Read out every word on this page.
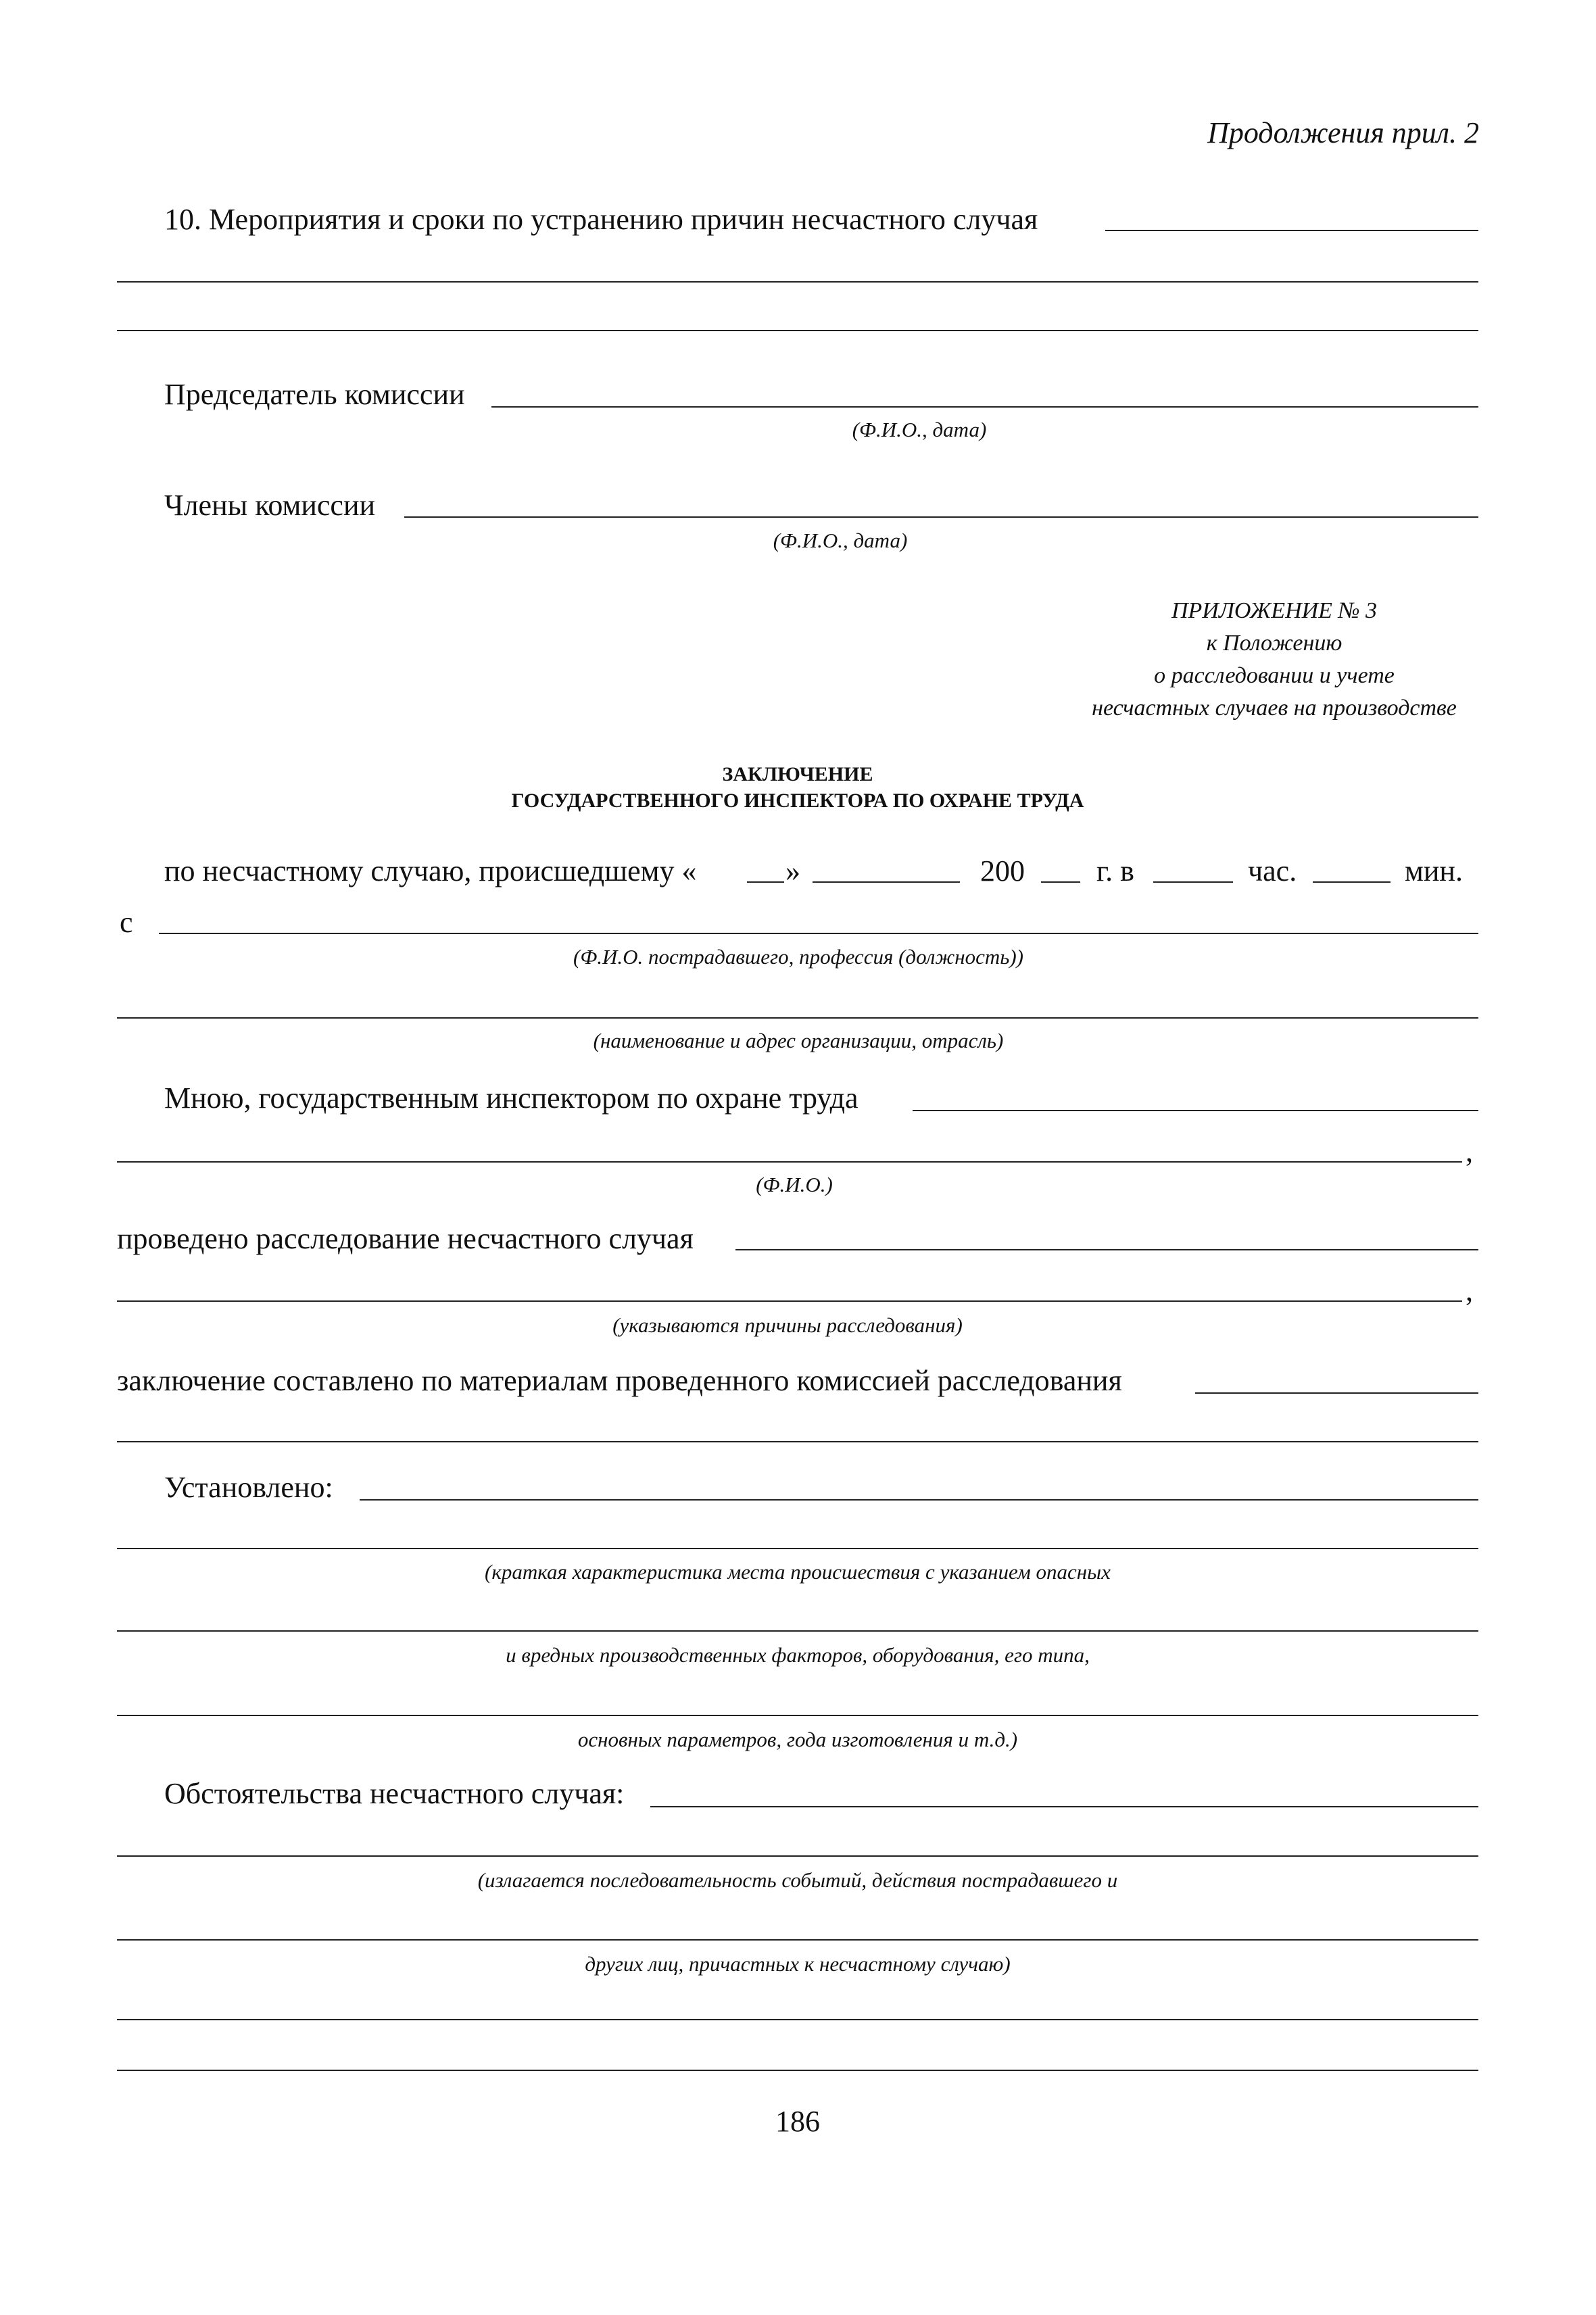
Продолжения прил. 2
10. Мероприятия и сроки по устранению причин несчастного случая
Председатель комиссии
(Ф.И.О., дата)
Члены комиссии
(Ф.И.О., дата)
ПРИЛОЖЕНИЕ № 3
к Положению
о расследовании и учете
несчастных случаев на производстве
ЗАКЛЮЧЕНИЕ
ГОСУДАРСТВЕННОГО ИНСПЕКТОРА ПО ОХРАНЕ ТРУДА
по несчастному случаю, происшедшему «	»	200 г. в	час.	мин.
с
(Ф.И.О. пострадавшего, профессия (должность))
(наименование и адрес организации, отрасль)
Мною, государственным инспектором по охране труда
,
(Ф.И.О.)
проведено расследование несчастного случая
,
(указываются причины расследования)
заключение составлено по материалам проведенного комиссией расследования
Установлено:
(краткая характеристика места происшествия с указанием опасных
и вредных производственных факторов, оборудования, его типа,
основных параметров, года изготовления и т.д.)
Обстоятельства несчастного случая:
(излагается последовательность событий, действия пострадавшего и
других лиц, причастных к несчастному случаю)
186
